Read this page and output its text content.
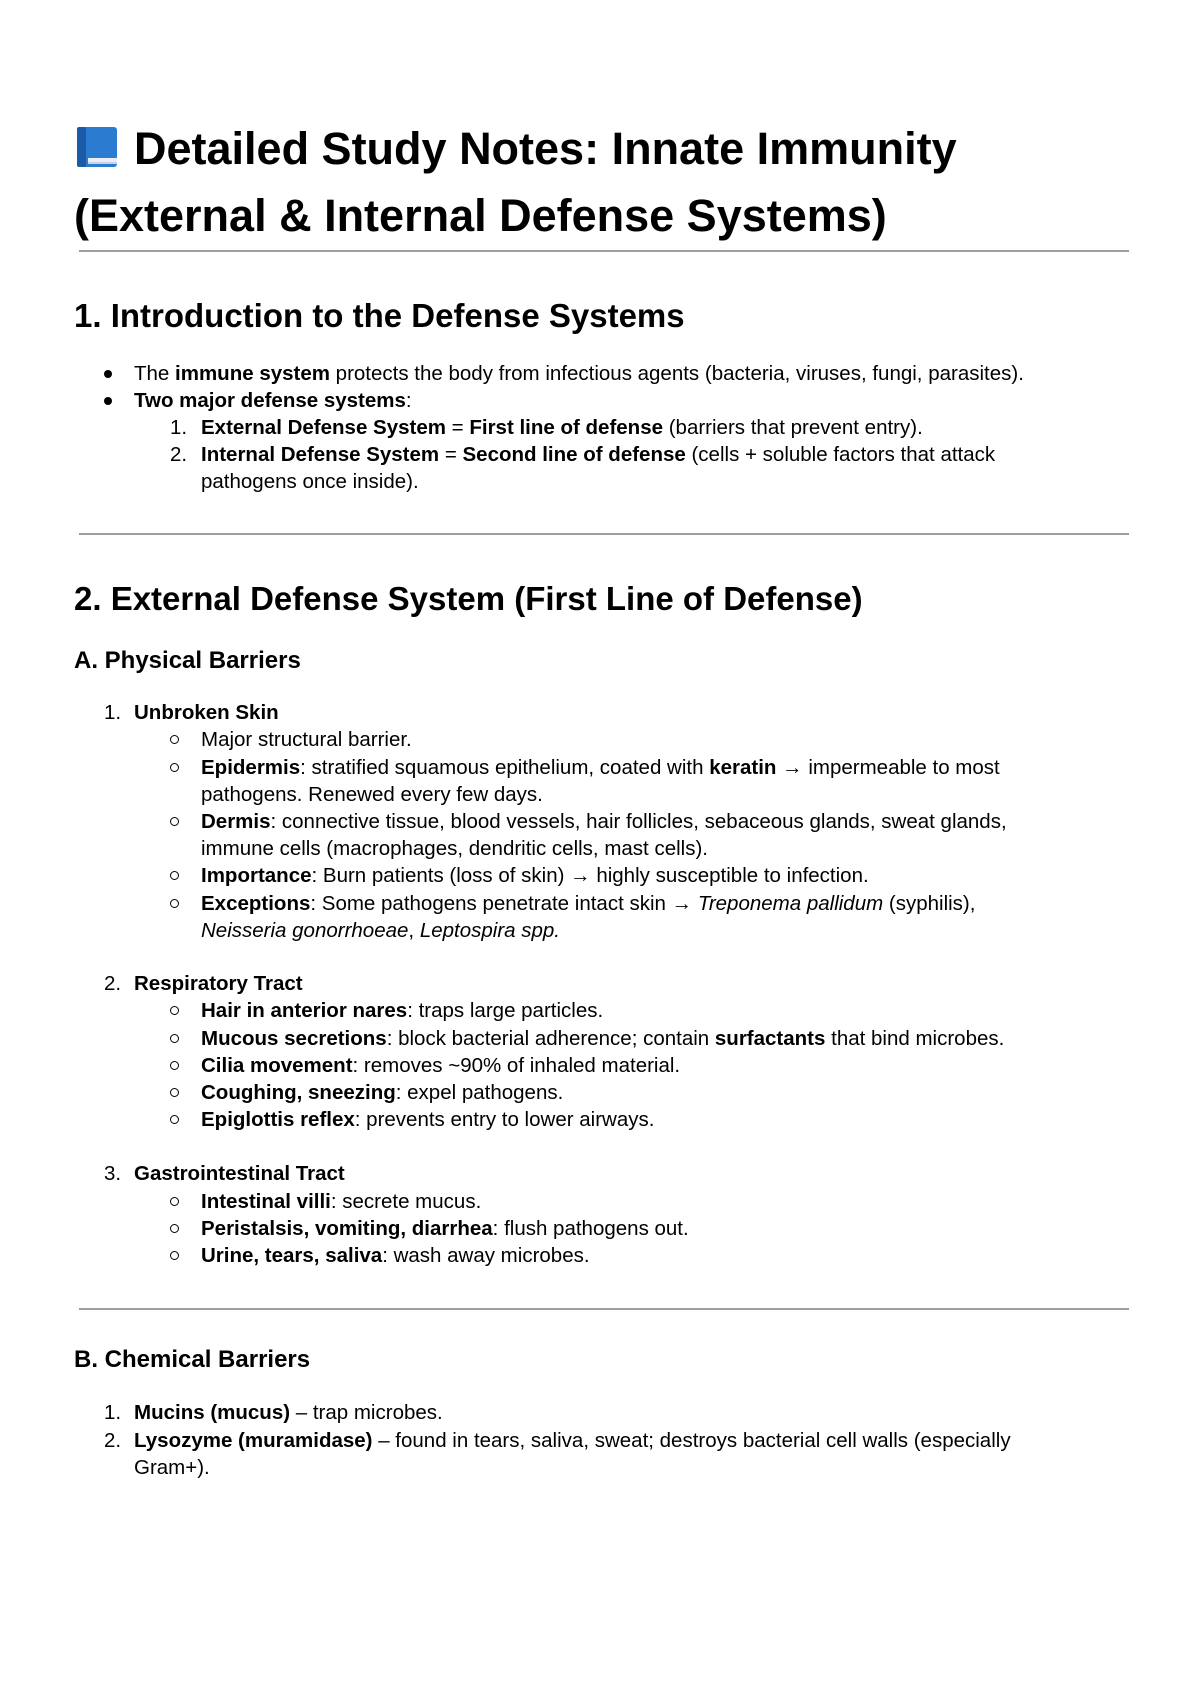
Detailed Study Notes: Innate Immunity
(External & Internal Defense Systems)
1. Introduction to the Defense Systems
The immune system protects the body from infectious agents (bacteria, viruses, fungi, parasites).
Two major defense systems:
1. External Defense System = First line of defense (barriers that prevent entry).
2. Internal Defense System = Second line of defense (cells + soluble factors that attack
pathogens once inside).
2. External Defense System (First Line of Defense)
A. Physical Barriers
1. Unbroken Skin
Major structural barrier.
Epidermis: stratified squamous epithelium, coated with keratin → impermeable to most
pathogens. Renewed every few days.
Dermis: connective tissue, blood vessels, hair follicles, sebaceous glands, sweat glands,
immune cells (macrophages, dendritic cells, mast cells).
Importance: Burn patients (loss of skin) → highly susceptible to infection.
Exceptions: Some pathogens penetrate intact skin → Treponema pallidum (syphilis),
Neisseria gonorrhoeae, Leptospira spp.
2. Respiratory Tract
Hair in anterior nares: traps large particles.
Mucous secretions: block bacterial adherence; contain surfactants that bind microbes.
Cilia movement: removes ~90% of inhaled material.
Coughing, sneezing: expel pathogens.
Epiglottis reflex: prevents entry to lower airways.
3. Gastrointestinal Tract
Intestinal villi: secrete mucus.
Peristalsis, vomiting, diarrhea: flush pathogens out.
Urine, tears, saliva: wash away microbes.
B. Chemical Barriers
1. Mucins (mucus) – trap microbes.
2. Lysozyme (muramidase) – found in tears, saliva, sweat; destroys bacterial cell walls (especially
Gram+).
